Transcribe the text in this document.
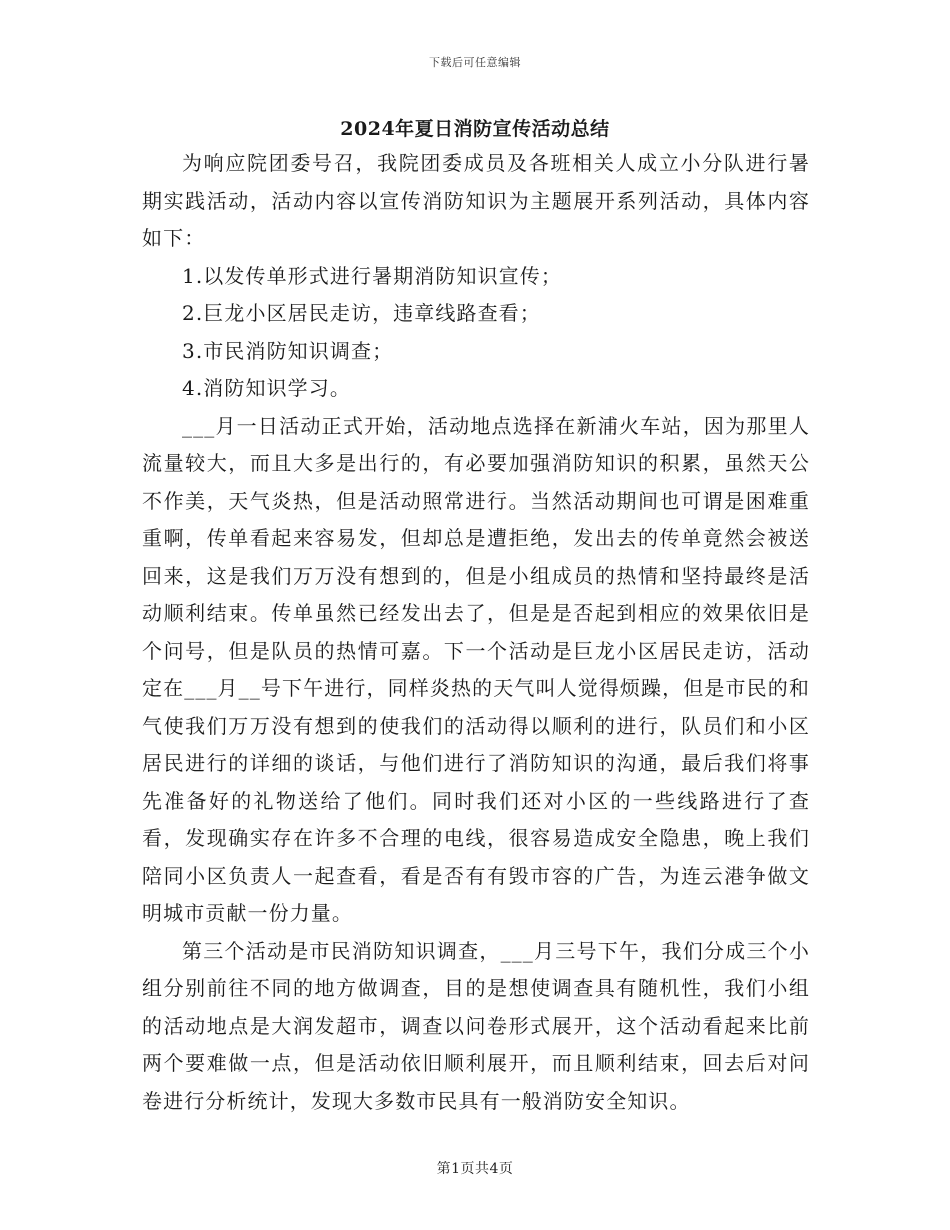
下载后可任意编辑
2024年夏日消防宣传活动总结

为响应院团委号召，我院团委成员及各班相关人成立小分队进行暑期实践活动，活动内容以宣传消防知识为主题展开系列活动，具体内容如下：

1.以发传单形式进行暑期消防知识宣传；

2.巨龙小区居民走访，违章线路查看；

3.市民消防知识调查；

4.消防知识学习。

___月一日活动正式开始，活动地点选择在新浦火车站，因为那里人流量较大，而且大多是出行的，有必要加强消防知识的积累，虽然天公不作美，天气炎热，但是活动照常进行。当然活动期间也可谓是困难重重啊，传单看起来容易发，但却总是遭拒绝，发出去的传单竟然会被送回来，这是我们万万没有想到的，但是小组成员的热情和坚持最终是活动顺利结束。传单虽然已经发出去了，但是是否起到相应的效果依旧是个问号，但是队员的热情可嘉。下一个活动是巨龙小区居民走访，活动定在___月__号下午进行，同样炎热的天气叫人觉得烦躁，但是市民的和气使我们万万没有想到的使我们的活动得以顺利的进行，队员们和小区居民进行的详细的谈话，与他们进行了消防知识的沟通，最后我们将事先准备好的礼物送给了他们。同时我们还对小区的一些线路进行了查看，发现确实存在许多不合理的电线，很容易造成安全隐患，晚上我们陪同小区负责人一起查看，看是否有有毁市容的广告，为连云港争做文明城市贡献一份力量。

第三个活动是市民消防知识调查，___月三号下午，我们分成三个小组分别前往不同的地方做调查，目的是想使调查具有随机性，我们小组的活动地点是大润发超市，调查以问卷形式展开，这个活动看起来比前两个要难做一点，但是活动依旧顺利展开，而且顺利结束，回去后对问卷进行分析统计，发现大多数市民具有一般消防安全知识。

第1页共4页
